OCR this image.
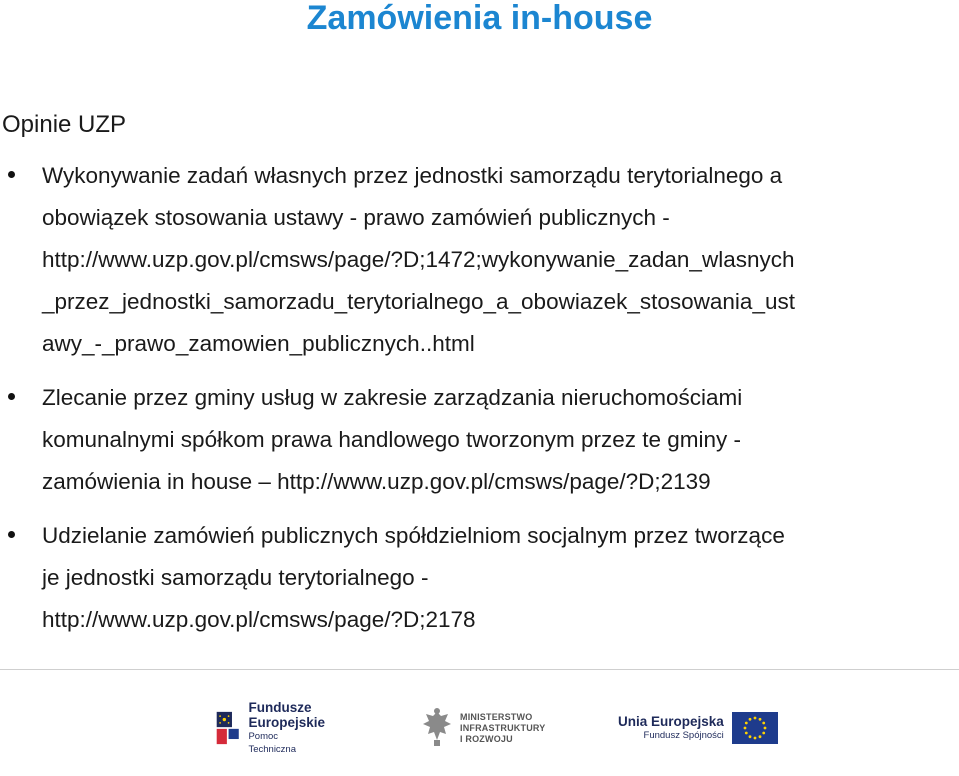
Zamówienia in-house
Opinie UZP
Wykonywanie zadań własnych przez jednostki samorządu terytorialnego a
obowiązek stosowania ustawy - prawo zamówień publicznych -
http://www.uzp.gov.pl/cmsws/page/?D;1472;wykonywanie_zadan_wlasnych
_przez_jednostki_samorzadu_terytorialnego_a_obowiazek_stosowania_ust
awy_-_prawo_zamowien_publicznych..html
Zlecanie przez gminy usług w zakresie zarządzania nieruchomościami
komunalnymi spółkom prawa handlowego tworzonym przez te gminy -
zamówienia in house – http://www.uzp.gov.pl/cmsws/page/?D;2139
Udzielanie zamówień publicznych spółdzielniom socjalnym przez tworzące
je jednostki samorządu terytorialnego -
http://www.uzp.gov.pl/cmsws/page/?D;2178
Fundusze
Europejskie
Pomoc Techniczna
MINISTERSTWO
INFRASTRUKTURY
I ROZWOJU
Unia Europejska
Fundusz Spójności
